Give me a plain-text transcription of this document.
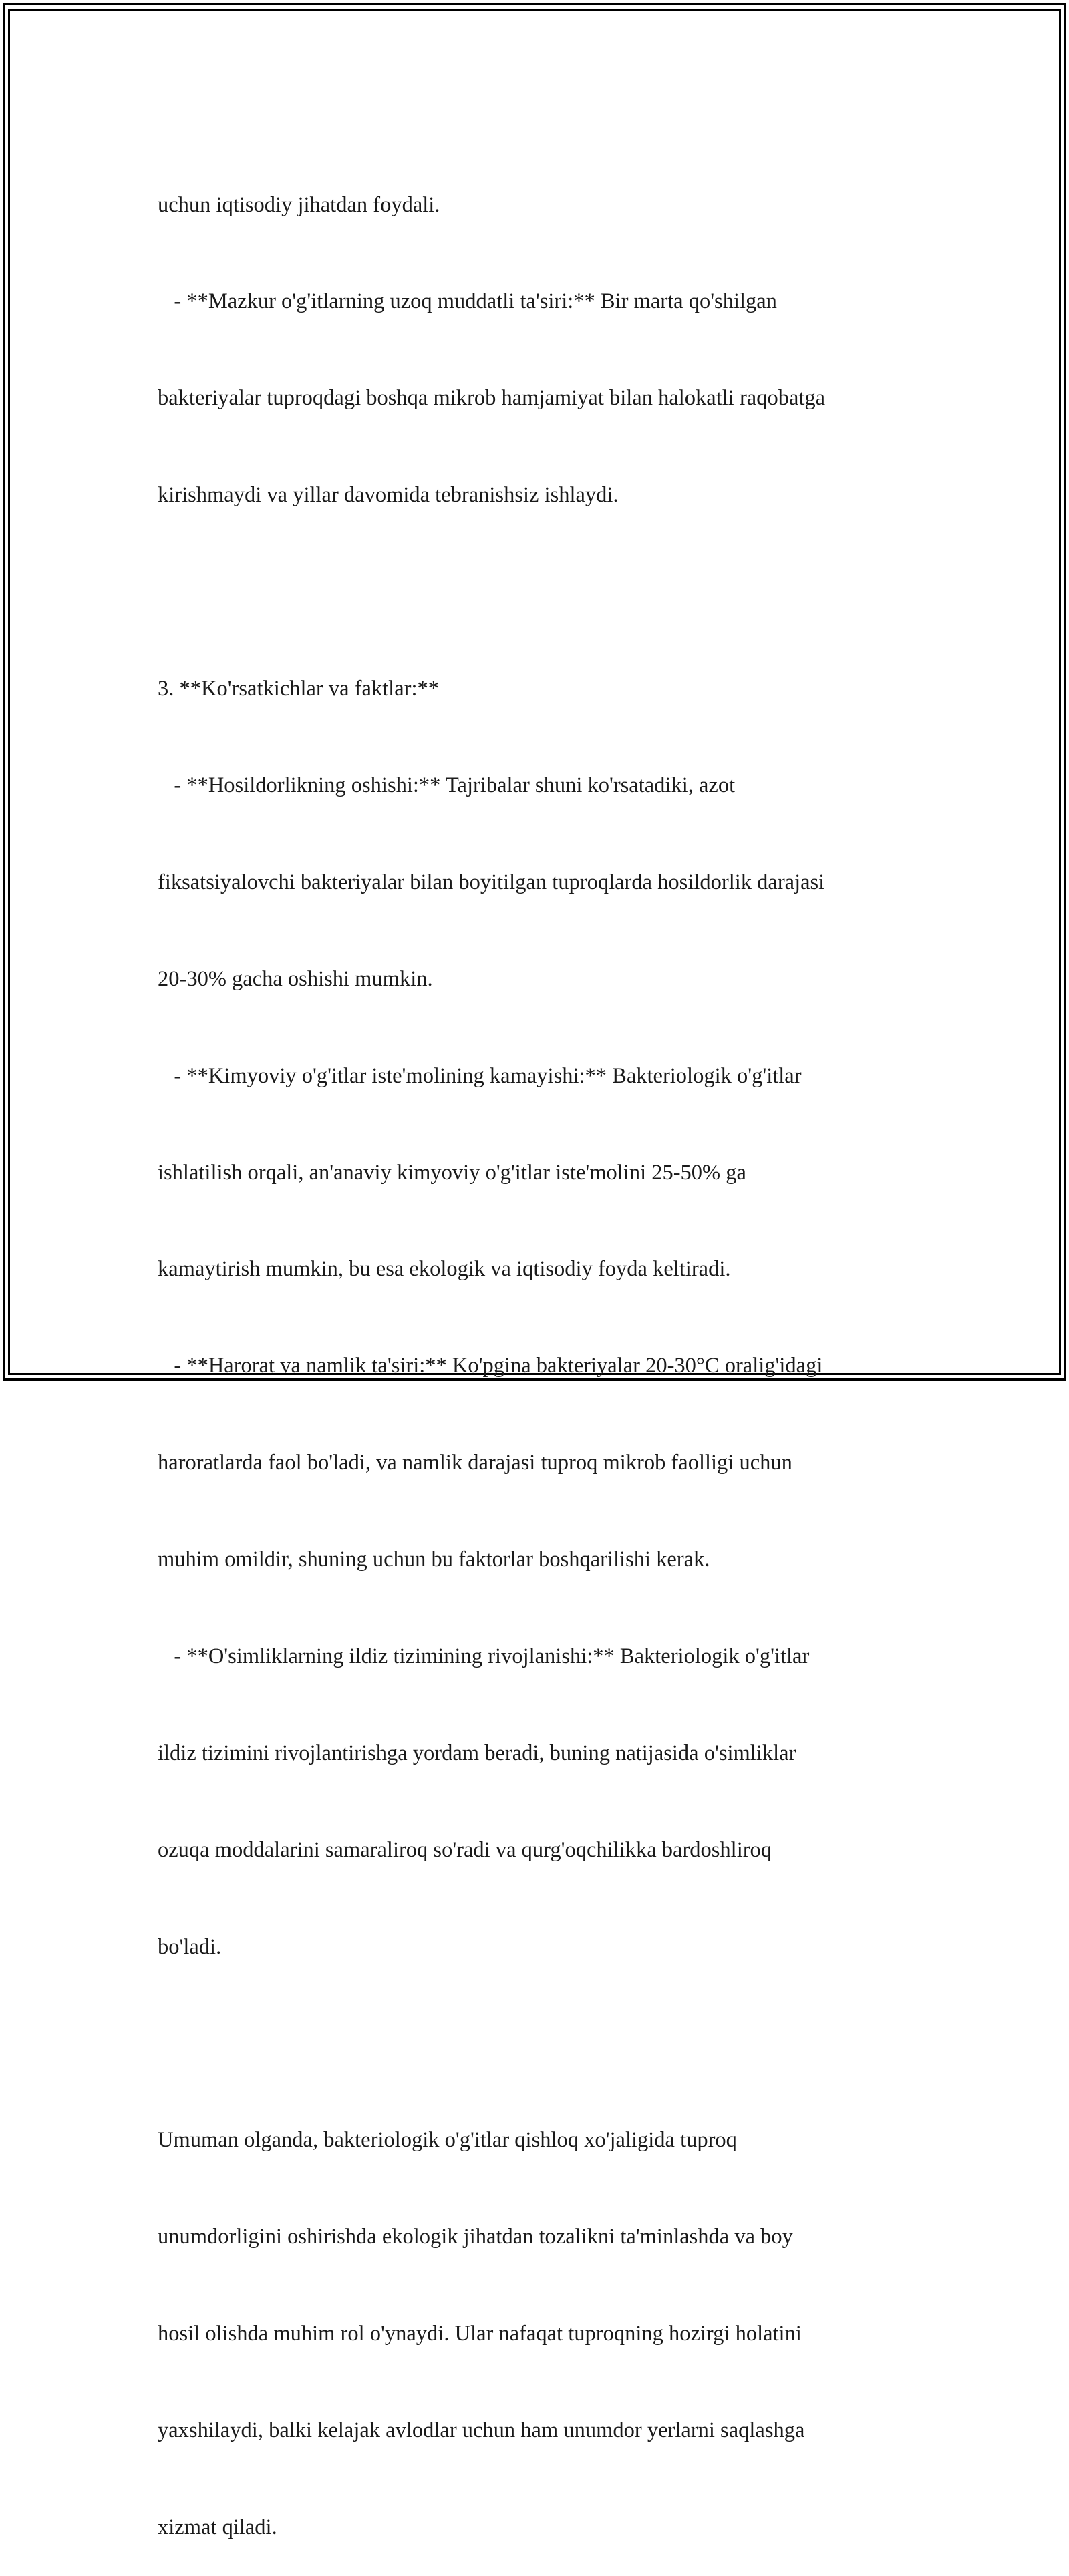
uchun iqtisodiy jihatdan foydali.

- **Mazkur o'g'itlarning uzoq muddatli ta'siri:** Bir marta qo'shilgan

bakteriyalar tuproqdagi boshqa mikrob hamjamiyat bilan halokatli raqobatga

kirishmaydi va yillar davomida tebranishsiz ishlaydi.

3. **Ko'rsatkichlar va faktlar:**

- **Hosildorlikning oshishi:** Tajribalar shuni ko'rsatadiki, azot

fiksatsiyalovchi bakteriyalar bilan boyitilgan tuproqlarda hosildorlik darajasi

20-30% gacha oshishi mumkin.

- **Kimyoviy o'g'itlar iste'molining kamayishi:** Bakteriologik o'g'itlar

ishlatilish orqali, an'anaviy kimyoviy o'g'itlar iste'molini 25-50% ga

kamaytirish mumkin, bu esa ekologik va iqtisodiy foyda keltiradi.

- **Harorat va namlik ta'siri:** Ko'pgina bakteriyalar 20-30°C oralig'idagi

haroratlarda faol bo'ladi, va namlik darajasi tuproq mikrob faolligi uchun

muhim omildir, shuning uchun bu faktorlar boshqarilishi kerak.

- **O'simliklarning ildiz tizimining rivojlanishi:** Bakteriologik o'g'itlar

ildiz tizimini rivojlantirishga yordam beradi, buning natijasida o'simliklar

ozuqa moddalarini samaraliroq so'radi va qurg'oqchilikka bardoshliroq

bo'ladi.

Umuman olganda, bakteriologik o'g'itlar qishloq xo'jaligida tuproq

unumdorligini oshirishda ekologik jihatdan tozalikni ta'minlashda va boy

hosil olishda muhim rol o'ynaydi. Ular nafaqat tuproqning hozirgi holatini

yaxshilaydi, balki kelajak avlodlar uchun ham unumdor yerlarni saqlashga

xizmat qiladi.
